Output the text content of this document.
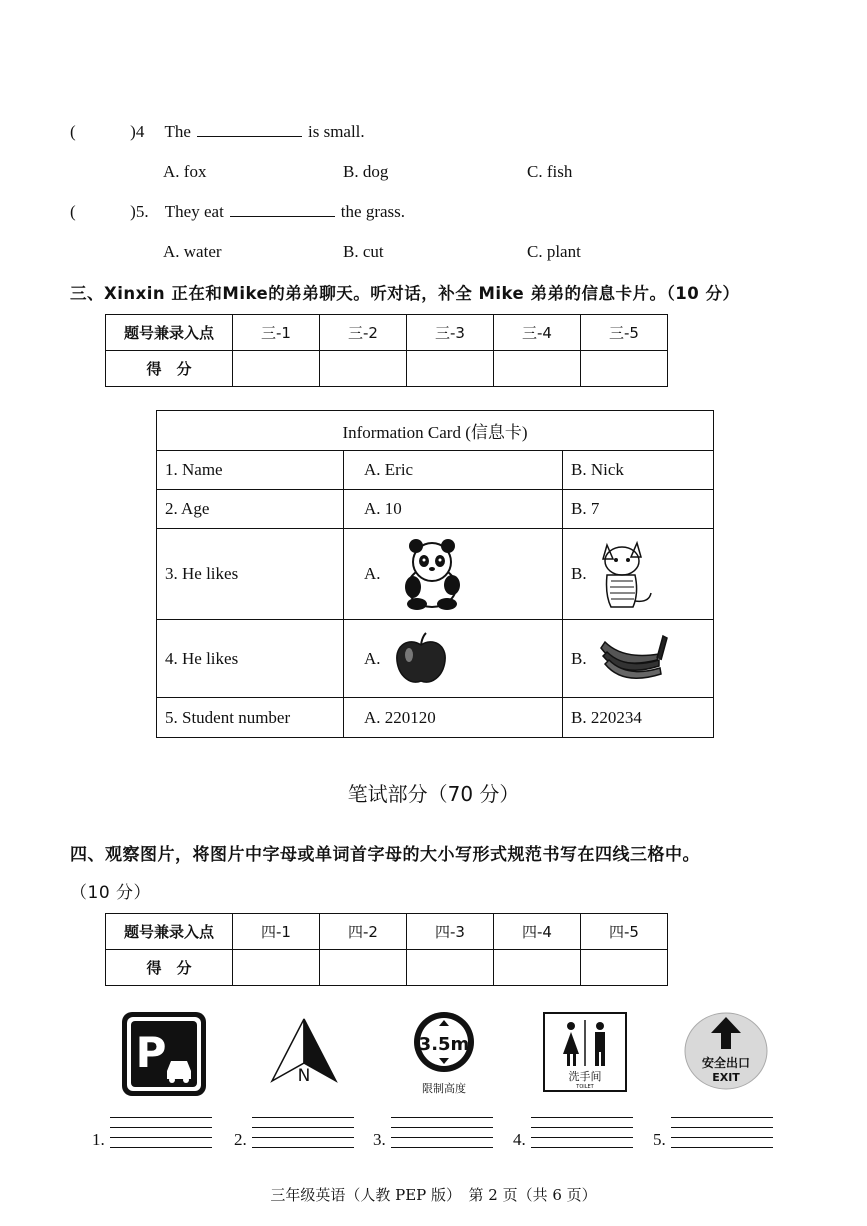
(	)4 The	is small.
A. fox	B. dog	C. fish
(	)5. They eat	the grass.
A. water	B. cut	C. plant
三、Xinxin 正在和Mike的弟弟聊天。听对话，补全 Mike 弟弟的信息卡片。（10 分）
题号兼录入点	三-1	三-2	三-3	三-4	三-5
得　分					
Information Card (信息卡)		
1. Name	A. Eric	B. Nick
2. Age	A. 10	B. 7
3. He likes	A.	B.

4. He likes	A.	B.

5. Student number	A. 220120	B. 220234
笔试部分（70 分）
四、观察图片，将图片中字母或单词首字母的大小写形式规范书写在四线三格中。
（10 分）
题号兼录入点	四-1	四-2	四-3	四-4	四-5
得　分					
P	N
3.5m
限制高度
洗手间
TOILET
安全出口
EXIT
1.	2.	3.	4.	5.
三年级英语（人教 PEP 版）　第 2 页（共 6 页）
